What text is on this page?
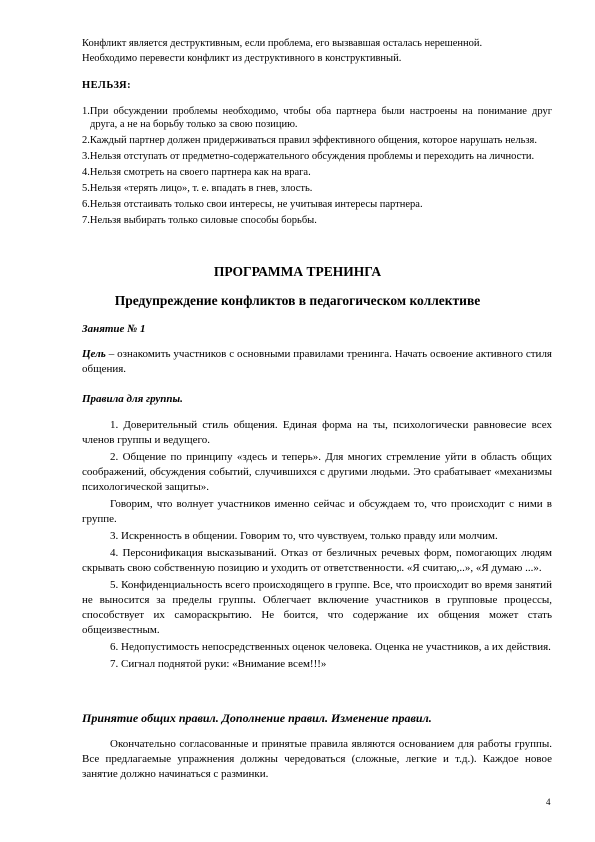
Конфликт является деструктивным, если проблема, его вызвавшая осталась нерешенной.

Необходимо перевести конфликт из деструктивного в конструктивный.

НЕЛЬЗЯ:
1.При обсуждении проблемы необходимо, чтобы оба партнера были настроены на понимание друг друга, а не на борьбу только за свою позицию.
2.Каждый партнер должен придерживаться правил эффективного общения, которое нарушать нельзя.
3.Нельзя отступать от предметно-содержательного обсуждения проблемы и переходить на личности.
4.Нельзя смотреть на своего партнера как на врага.
5.Нельзя «терять лицо», т. е. впадать в гнев, злость.
6.Нельзя отстаивать только свои интересы, не учитывая интересы партнера.
7.Нельзя выбирать только силовые способы борьбы.
ПРОГРАММА ТРЕНИНГА
Предупреждение конфликтов в педагогическом коллективе
Занятие № 1

Цель – ознакомить участников с основными правилами тренинга. Начать освоение активного стиля общения.

Правила для группы.
1. Доверительный стиль общения. Единая форма на ты, психологически равновесие всех членов группы и ведущего.
2. Общение по принципу «здесь и теперь». Для многих стремление уйти в область общих соображений, обсуждения событий, случившихся с другими людьми. Это срабатывает «механизмы психологической защиты».
Говорим, что волнует участников именно сейчас и обсуждаем то, что происходит с ними в группе.
3. Искренность в общении. Говорим то, что чувствуем, только правду или молчим.
4. Персонификация высказываний. Отказ от безличных речевых форм, помогающих людям скрывать свою собственную позицию и уходить от ответственности. «Я считаю,..», «Я думаю ...».
5. Конфиденциальность всего происходящего в группе. Все, что происходит во время занятий не выносится за пределы группы. Облегчает включение участников в групповые процессы, способствует их самораскрытию. Не боится, что содержание их общения может стать общеизвестным.
6. Недопустимость непосредственных оценок человека. Оценка не участников, а их действия.
7. Сигнал поднятой руки: «Внимание всем!!!»
Принятие общих правил. Дополнение правил. Изменение правил.

Окончательно согласованные и принятые правила являются основанием для работы группы. Все предлагаемые упражнения должны чередоваться (сложные, легкие и т.д.). Каждое новое занятие должно начинаться с разминки.

4
